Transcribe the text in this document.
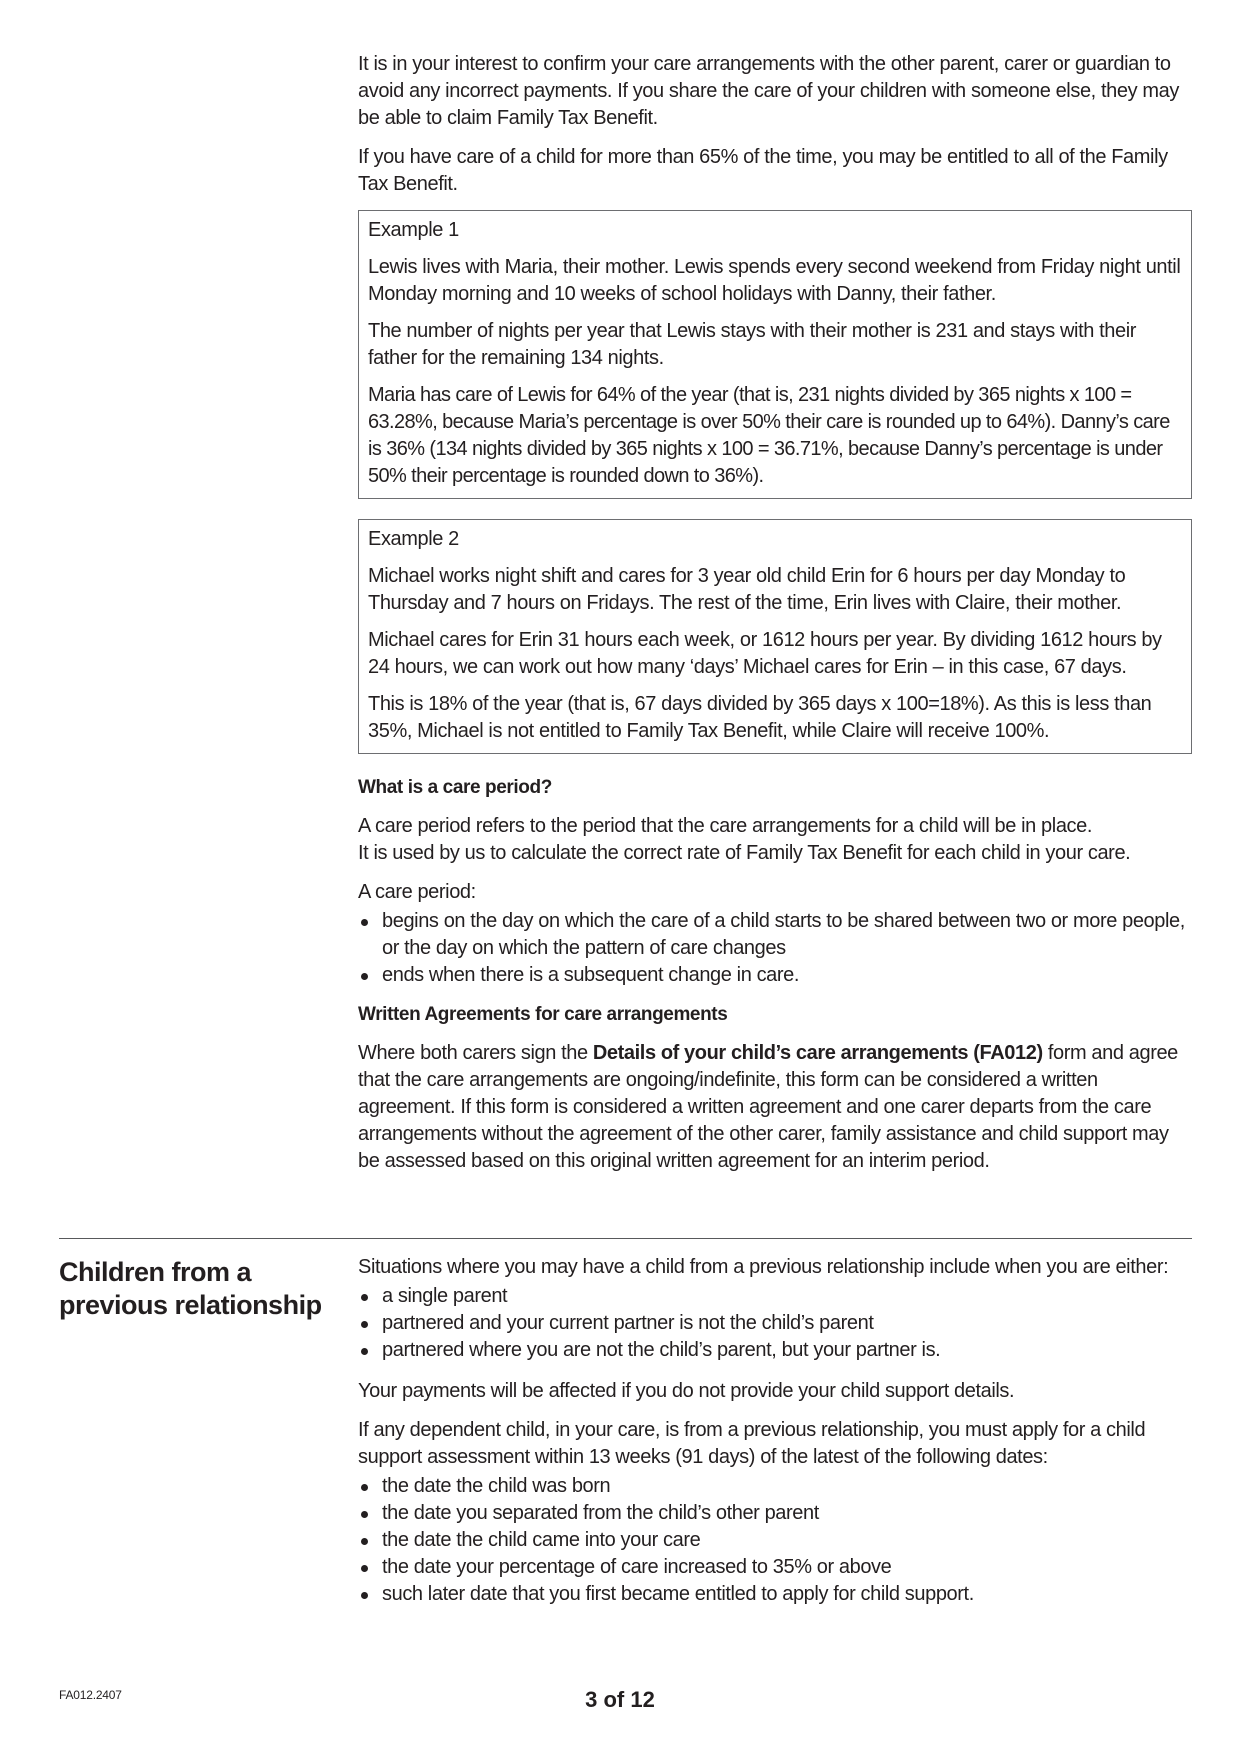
It is in your interest to confirm your care arrangements with the other parent, carer or guardian to avoid any incorrect payments. If you share the care of your children with someone else, they may be able to claim Family Tax Benefit.

If you have care of a child for more than 65% of the time, you may be entitled to all of the Family Tax Benefit.

Example 1

Lewis lives with Maria, their mother. Lewis spends every second weekend from Friday night until Monday morning and 10 weeks of school holidays with Danny, their father.

The number of nights per year that Lewis stays with their mother is 231 and stays with their father for the remaining 134 nights.

Maria has care of Lewis for 64% of the year (that is, 231 nights divided by 365 nights x 100 = 63.28%, because Maria’s percentage is over 50% their care is rounded up to 64%). Danny’s care is 36% (134 nights divided by 365 nights x 100 = 36.71%, because Danny’s percentage is under 50% their percentage is rounded down to 36%).

Example 2

Michael works night shift and cares for 3 year old child Erin for 6 hours per day Monday to Thursday and 7 hours on Fridays. The rest of the time, Erin lives with Claire, their mother.

Michael cares for Erin 31 hours each week, or 1612 hours per year. By dividing 1612 hours by 24 hours, we can work out how many ‘days’ Michael cares for Erin – in this case, 67 days.

This is 18% of the year (that is, 67 days divided by 365 days x 100=18%). As this is less than 35%, Michael is not entitled to Family Tax Benefit, while Claire will receive 100%.

What is a care period?

A care period refers to the period that the care arrangements for a child will be in place.
It is used by us to calculate the correct rate of Family Tax Benefit for each child in your care.

A care period:

begins on the day on which the care of a child starts to be shared between two or more people, or the day on which the pattern of care changes
ends when there is a subsequent change in care.

Written Agreements for care arrangements

Where both carers sign the Details of your child’s care arrangements (FA012) form and agree that the care arrangements are ongoing/indefinite, this form can be considered a written agreement. If this form is considered a written agreement and one carer departs from the care arrangements without the agreement of the other carer, family assistance and child support may be assessed based on this original written agreement for an interim period.

Children from a previous relationship

Situations where you may have a child from a previous relationship include when you are either:

a single parent
partnered and your current partner is not the child’s parent
partnered where you are not the child’s parent, but your partner is.

Your payments will be affected if you do not provide your child support details.

If any dependent child, in your care, is from a previous relationship, you must apply for a child support assessment within 13 weeks (91 days) of the latest of the following dates:

the date the child was born
the date you separated from the child’s other parent
the date the child came into your care
the date your percentage of care increased to 35% or above
such later date that you first became entitled to apply for child support.
FA012.2407	3 of 12
